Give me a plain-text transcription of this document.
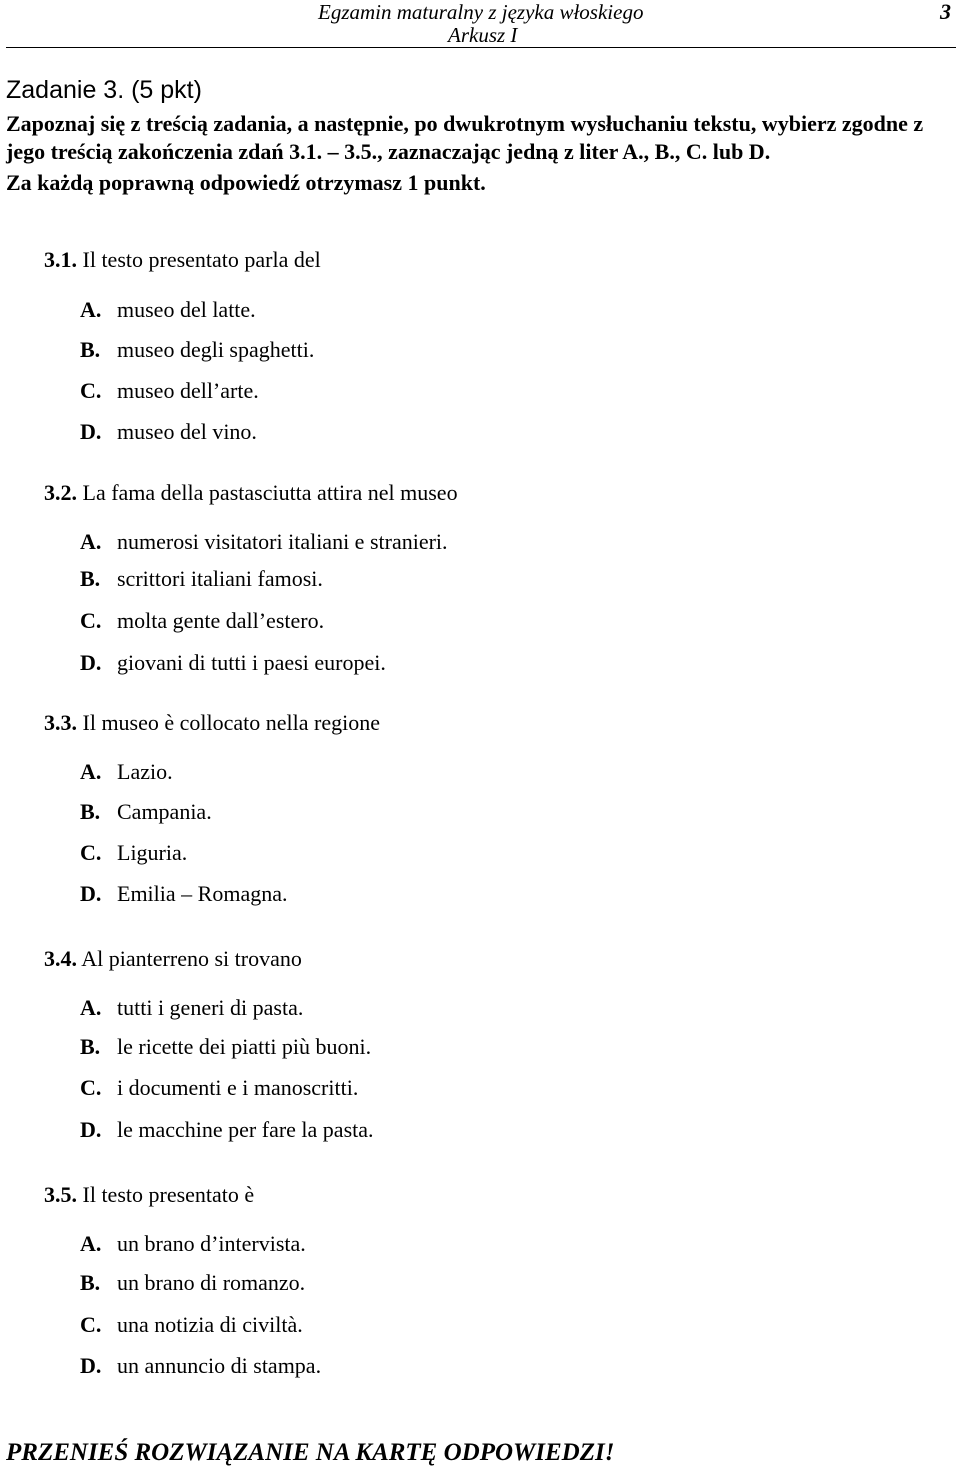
Egzamin maturalny z języka włoskiego
Arkusz I
3
Zadanie 3. (5 pkt)

Zapoznaj się z treścią zadania, a następnie, po dwukrotnym wysłuchaniu tekstu, wybierz zgodne z jego treścią zakończenia zdań 3.1. – 3.5., zaznaczając jedną z liter A., B., C. lub D.

Za każdą poprawną odpowiedź otrzymasz 1 punkt.

3.1. Il testo presentato parla del
A. museo del latte.
B. museo degli spaghetti.
C. museo dell’arte.
D. museo del vino.
3.2. La fama della pastasciutta attira nel museo
A. numerosi visitatori italiani e stranieri.
B. scrittori italiani famosi.
C. molta gente dall’estero.
D. giovani di tutti i paesi europei.
3.3. Il museo è collocato nella regione
A. Lazio.
B. Campania.
C. Liguria.
D. Emilia – Romagna.
3.4. Al pianterreno si trovano
A. tutti i generi di pasta.
B. le ricette dei piatti più buoni.
C. i documenti e i manoscritti.
D. le macchine per fare la pasta.
3.5. Il testo presentato è
A. un brano d’intervista.
B. un brano di romanzo.
C. una notizia di civiltà.
D. un annuncio di stampa.
PRZENIEŚ ROZWIĄZANIE NA KARTĘ ODPOWIEDZI!
